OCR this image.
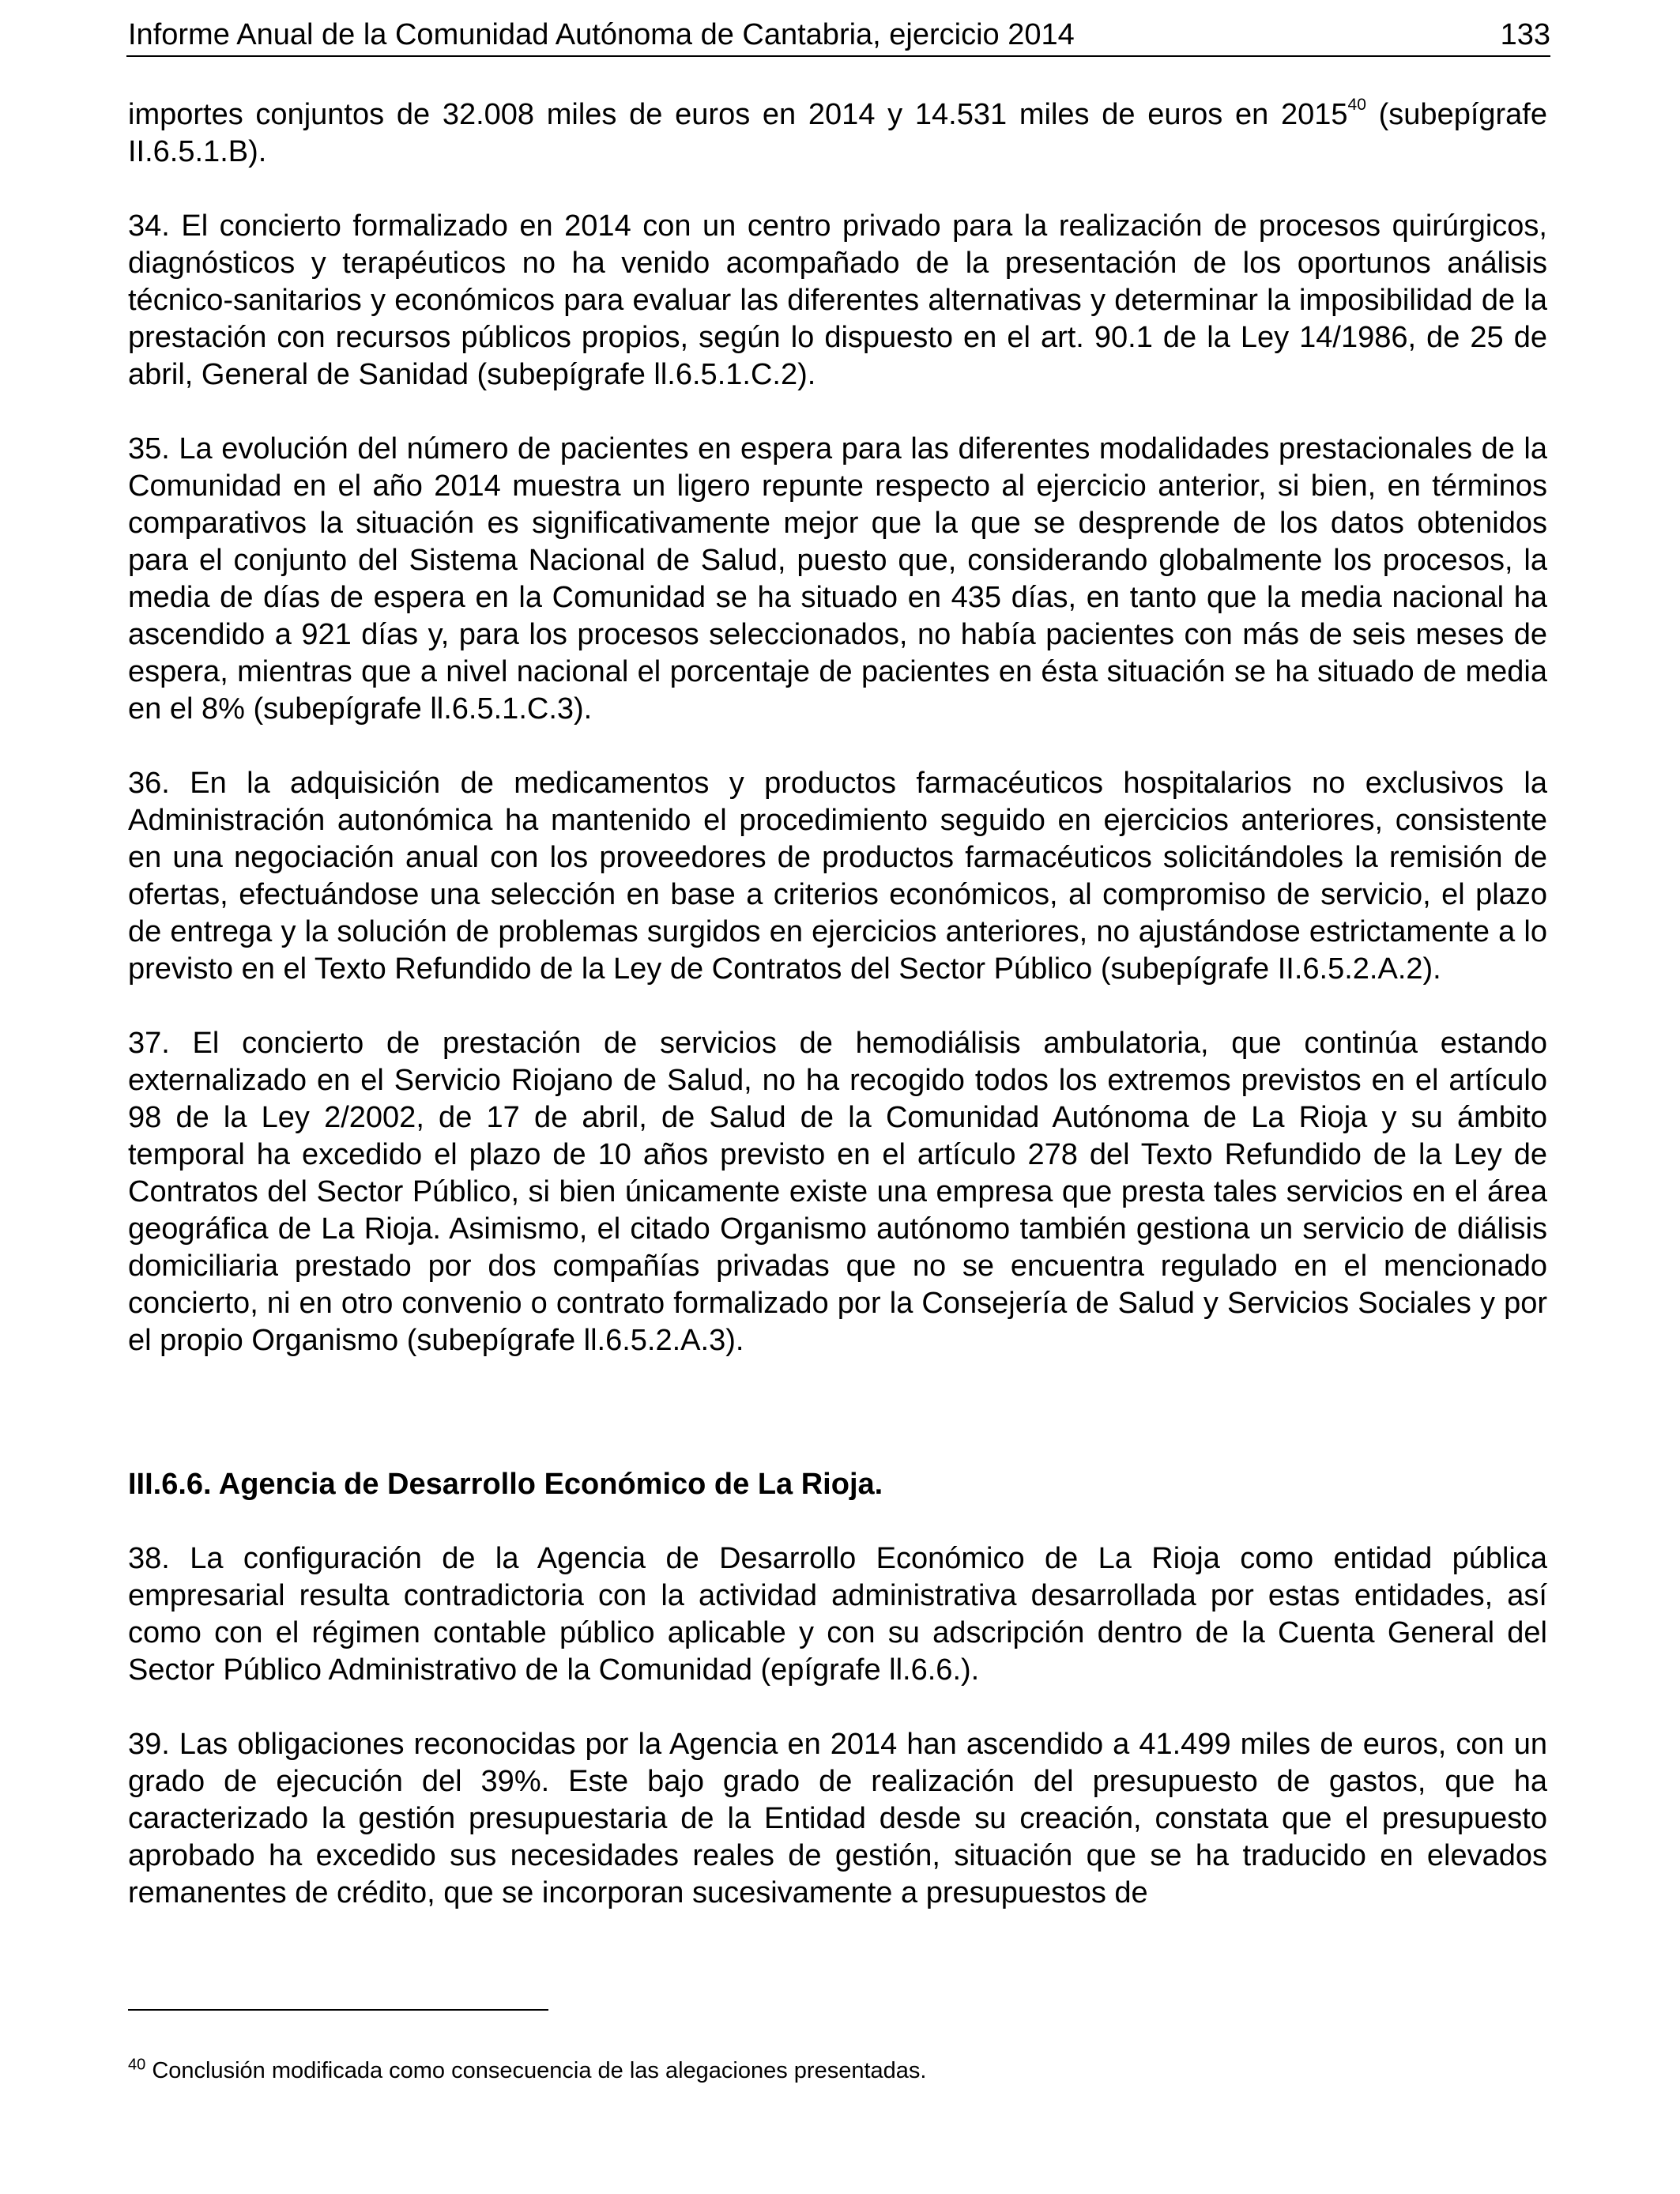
Informe Anual de la Comunidad Autónoma de Cantabria, ejercicio 2014	133

importes conjuntos de 32.008 miles de euros en 2014 y 14.531 miles de euros en 2015$^{40}$ (subepígrafe II.6.5.1.B).

34. El concierto formalizado en 2014 con un centro privado para la realización de procesos quirúrgicos, diagnósticos y terapéuticos no ha venido acompañado de la presentación de los oportunos análisis técnico-sanitarios y económicos para evaluar las diferentes alternativas y determinar la imposibilidad de la prestación con recursos públicos propios, según lo dispuesto en el art. 90.1 de la Ley 14/1986, de 25 de abril, General de Sanidad (subepígrafe ll.6.5.1.C.2).

35. La evolución del número de pacientes en espera para las diferentes modalidades prestacionales de la Comunidad en el año 2014 muestra un ligero repunte respecto al ejercicio anterior, si bien, en términos comparativos la situación es significativamente mejor que la que se desprende de los datos obtenidos para el conjunto del Sistema Nacional de Salud, puesto que, considerando globalmente los procesos, la media de días de espera en la Comunidad se ha situado en 435 días, en tanto que la media nacional ha ascendido a 921 días y, para los procesos seleccionados, no había pacientes con más de seis meses de espera, mientras que a nivel nacional el porcentaje de pacientes en ésta situación se ha situado de media en el 8% (subepígrafe ll.6.5.1.C.3).

36. En la adquisición de medicamentos y productos farmacéuticos hospitalarios no exclusivos la Administración autonómica ha mantenido el procedimiento seguido en ejercicios anteriores, consistente en una negociación anual con los proveedores de productos farmacéuticos solicitándoles la remisión de ofertas, efectuándose una selección en base a criterios económicos, al compromiso de servicio, el plazo de entrega y la solución de problemas surgidos en ejercicios anteriores, no ajustándose estrictamente a lo previsto en el Texto Refundido de la Ley de Contratos del Sector Público (subepígrafe II.6.5.2.A.2).

37. El concierto de prestación de servicios de hemodiálisis ambulatoria, que continúa estando externalizado en el Servicio Riojano de Salud, no ha recogido todos los extremos previstos en el artículo 98 de la Ley 2/2002, de 17 de abril, de Salud de la Comunidad Autónoma de La Rioja y su ámbito temporal ha excedido el plazo de 10 años previsto en el artículo 278 del Texto Refundido de la Ley de Contratos del Sector Público, si bien únicamente existe una empresa que presta tales servicios en el área geográfica de La Rioja. Asimismo, el citado Organismo autónomo también gestiona un servicio de diálisis domiciliaria prestado por dos compañías privadas que no se encuentra regulado en el mencionado concierto, ni en otro convenio o contrato formalizado por la Consejería de Salud y Servicios Sociales y por el propio Organismo (subepígrafe ll.6.5.2.A.3).

III.6.6. Agencia de Desarrollo Económico de La Rioja.

38. La configuración de la Agencia de Desarrollo Económico de La Rioja como entidad pública empresarial resulta contradictoria con la actividad administrativa desarrollada por estas entidades, así como con el régimen contable público aplicable y con su adscripción dentro de la Cuenta General del Sector Público Administrativo de la Comunidad (epígrafe ll.6.6.).

39. Las obligaciones reconocidas por la Agencia en 2014 han ascendido a 41.499 miles de euros, con un grado de ejecución del 39%. Este bajo grado de realización del presupuesto de gastos, que ha caracterizado la gestión presupuestaria de la Entidad desde su creación, constata que el presupuesto aprobado ha excedido sus necesidades reales de gestión, situación que se ha traducido en elevados remanentes de crédito, que se incorporan sucesivamente a presupuestos de

$^{40}$ Conclusión modificada como consecuencia de las alegaciones presentadas.
